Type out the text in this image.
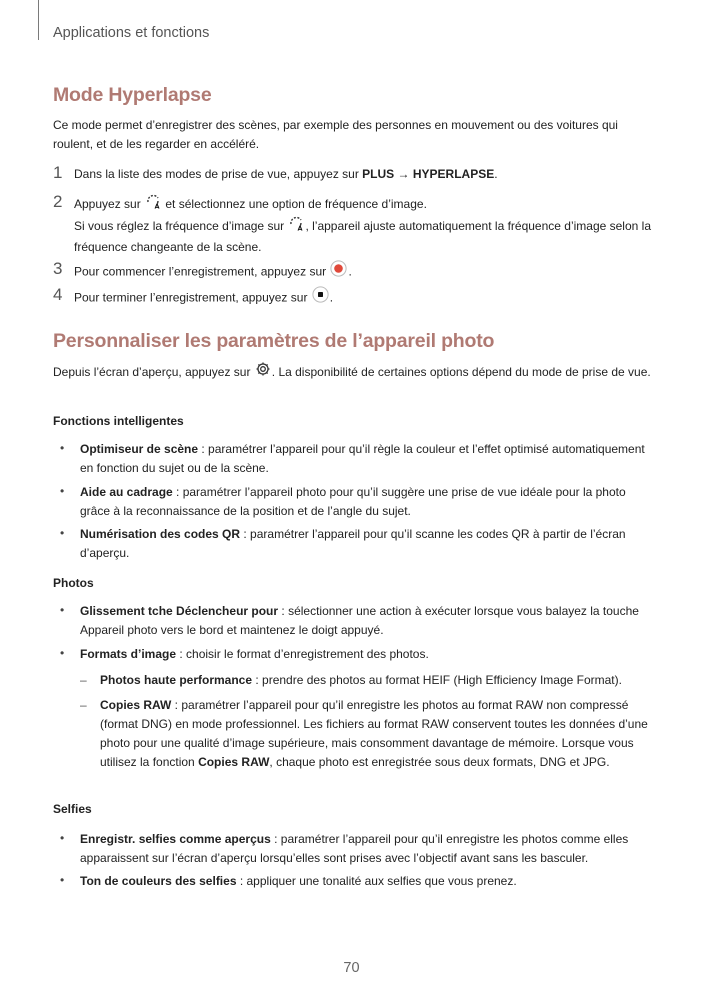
Applications et fonctions
Mode Hyperlapse
Ce mode permet d’enregistrer des scènes, par exemple des personnes en mouvement ou des voitures qui roulent, et de les regarder en accéléré.
1 Dans la liste des modes de prise de vue, appuyez sur PLUS → HYPERLAPSE.
2 Appuyez sur A et sélectionnez une option de fréquence d’image.
Si vous réglez la fréquence d’image sur A , l’appareil ajuste automatiquement la fréquence d’image selon la fréquence changeante de la scène.
3 Pour commencer l’enregistrement, appuyez sur .
4 Pour terminer l’enregistrement, appuyez sur .
Personnaliser les paramètres de l’appareil photo
Depuis l’écran d’aperçu, appuyez sur . La disponibilité de certaines options dépend du mode de prise de vue.
Fonctions intelligentes
• Optimiseur de scène : paramétrer l’appareil pour qu’il règle la couleur et l’effet optimisé automatiquement en fonction du sujet ou de la scène.
• Aide au cadrage : paramétrer l’appareil photo pour qu’il suggère une prise de vue idéale pour la photo grâce à la reconnaissance de la position et de l’angle du sujet.
• Numérisation des codes QR : paramétrer l’appareil pour qu’il scanne les codes QR à partir de l’écran d’aperçu.
Photos
• Glissement tche Déclencheur pour : sélectionner une action à exécuter lorsque vous balayez la touche Appareil photo vers le bord et maintenez le doigt appuyé.
• Formats d’image : choisir le format d’enregistrement des photos.
– Photos haute performance : prendre des photos au format HEIF (High Efficiency Image Format).
– Copies RAW : paramétrer l’appareil pour qu’il enregistre les photos au format RAW non compressé (format DNG) en mode professionnel. Les fichiers au format RAW conservent toutes les données d’une photo pour une qualité d’image supérieure, mais consomment davantage de mémoire. Lorsque vous utilisez la fonction Copies RAW, chaque photo est enregistrée sous deux formats, DNG et JPG.
Selfies
• Enregistr. selfies comme aperçus : paramétrer l’appareil pour qu’il enregistre les photos comme elles apparaissent sur l’écran d’aperçu lorsqu’elles sont prises avec l’objectif avant sans les basculer.
• Ton de couleurs des selfies : appliquer une tonalité aux selfies que vous prenez.
70
